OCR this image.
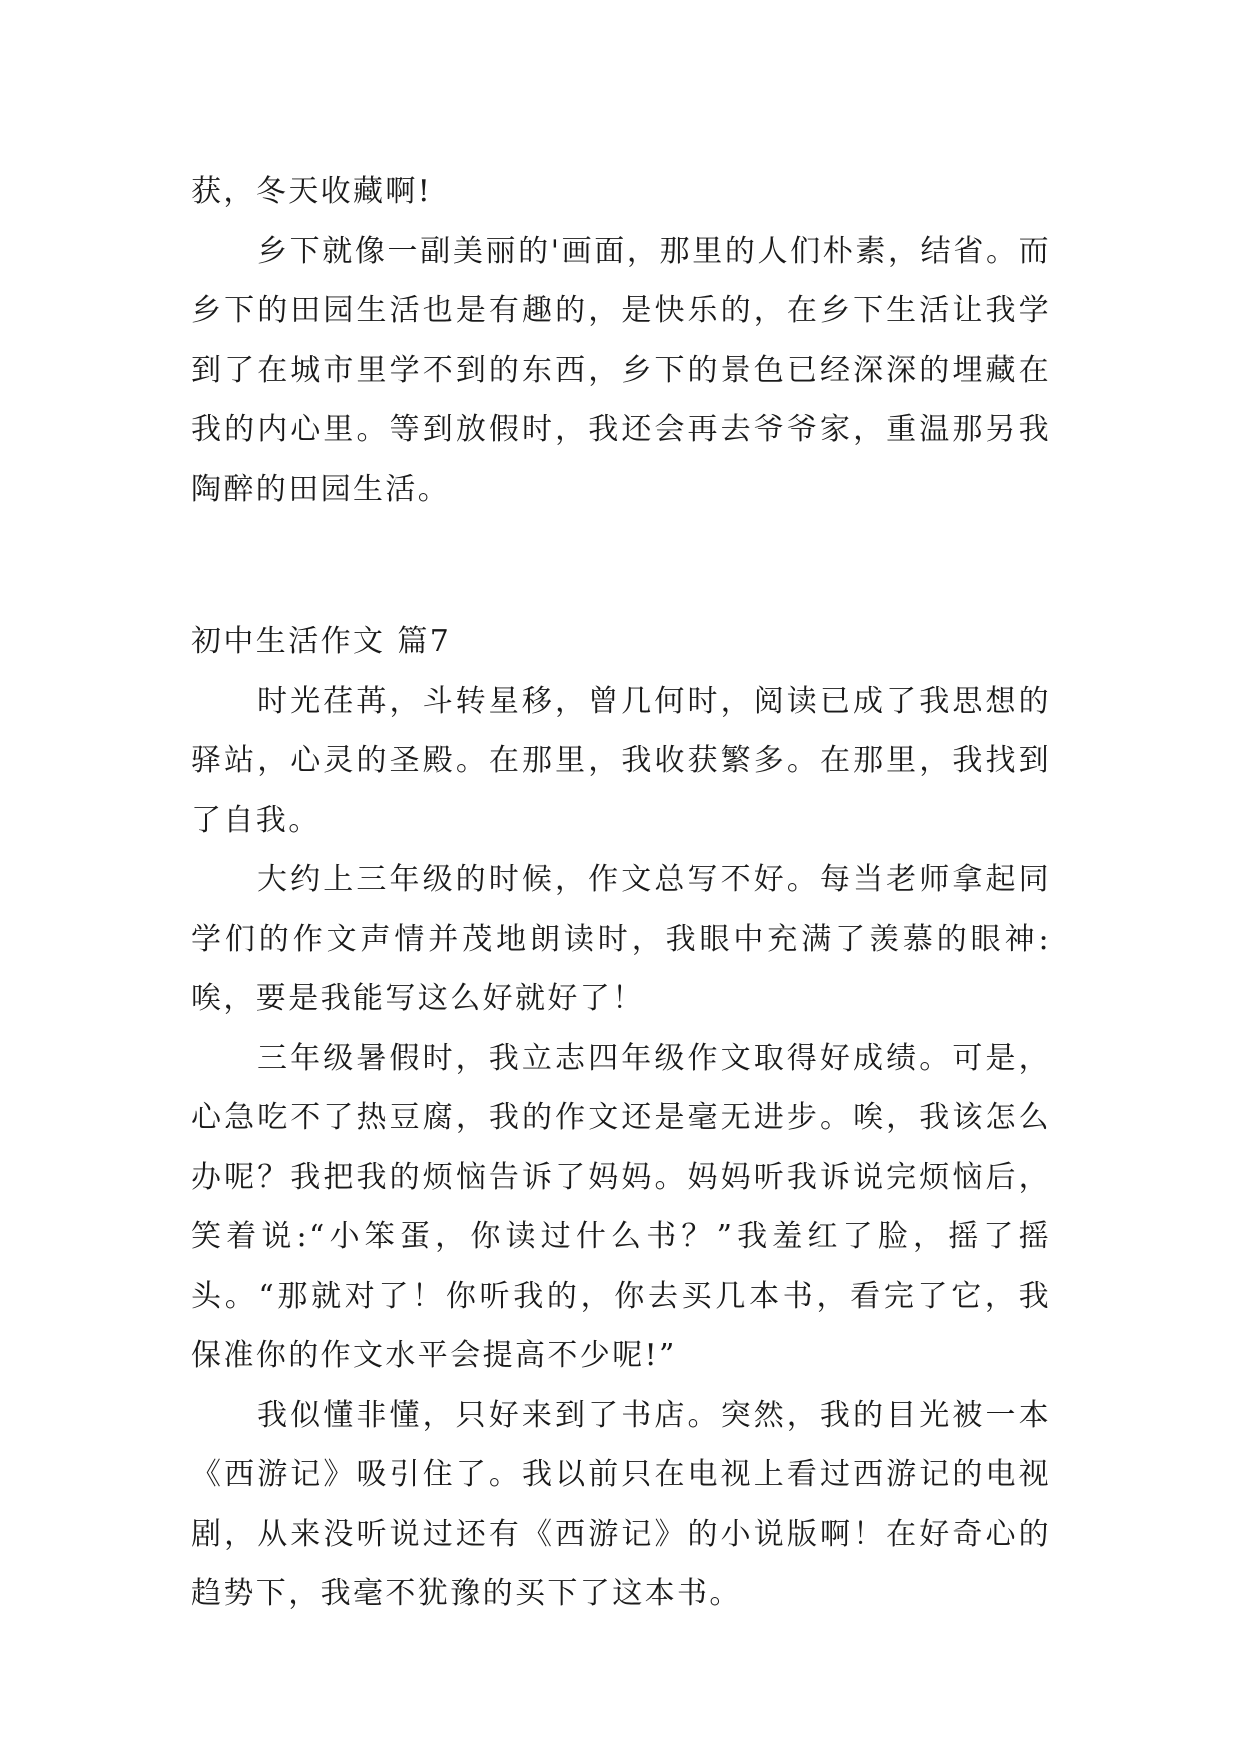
获，冬天收藏啊!

乡下就像一副美丽的'画面，那里的人们朴素，结省。而乡下的田园生活也是有趣的，是快乐的，在乡下生活让我学到了在城市里学不到的东西，乡下的景色已经深深的埋藏在我的内心里。等到放假时，我还会再去爷爷家，重温那另我陶醉的田园生活。

初中生活作文 篇7

时光荏苒，斗转星移，曾几何时，阅读已成了我思想的驿站，心灵的圣殿。在那里，我收获繁多。在那里，我找到了自我。

大约上三年级的时候，作文总写不好。每当老师拿起同学们的作文声情并茂地朗读时，我眼中充满了羡慕的眼神:唉，要是我能写这么好就好了！

三年级暑假时，我立志四年级作文取得好成绩。可是，心急吃不了热豆腐，我的作文还是毫无进步。唉，我该怎么办呢？我把我的烦恼告诉了妈妈。妈妈听我诉说完烦恼后，笑着说:“小笨蛋，你读过什么书？”我羞红了脸，摇了摇头。“那就对了！你听我的，你去买几本书，看完了它，我保准你的作文水平会提高不少呢!”

我似懂非懂，只好来到了书店。突然，我的目光被一本《西游记》吸引住了。我以前只在电视上看过西游记的电视剧，从来没听说过还有《西游记》的小说版啊！在好奇心的趋势下，我毫不犹豫的买下了这本书。
